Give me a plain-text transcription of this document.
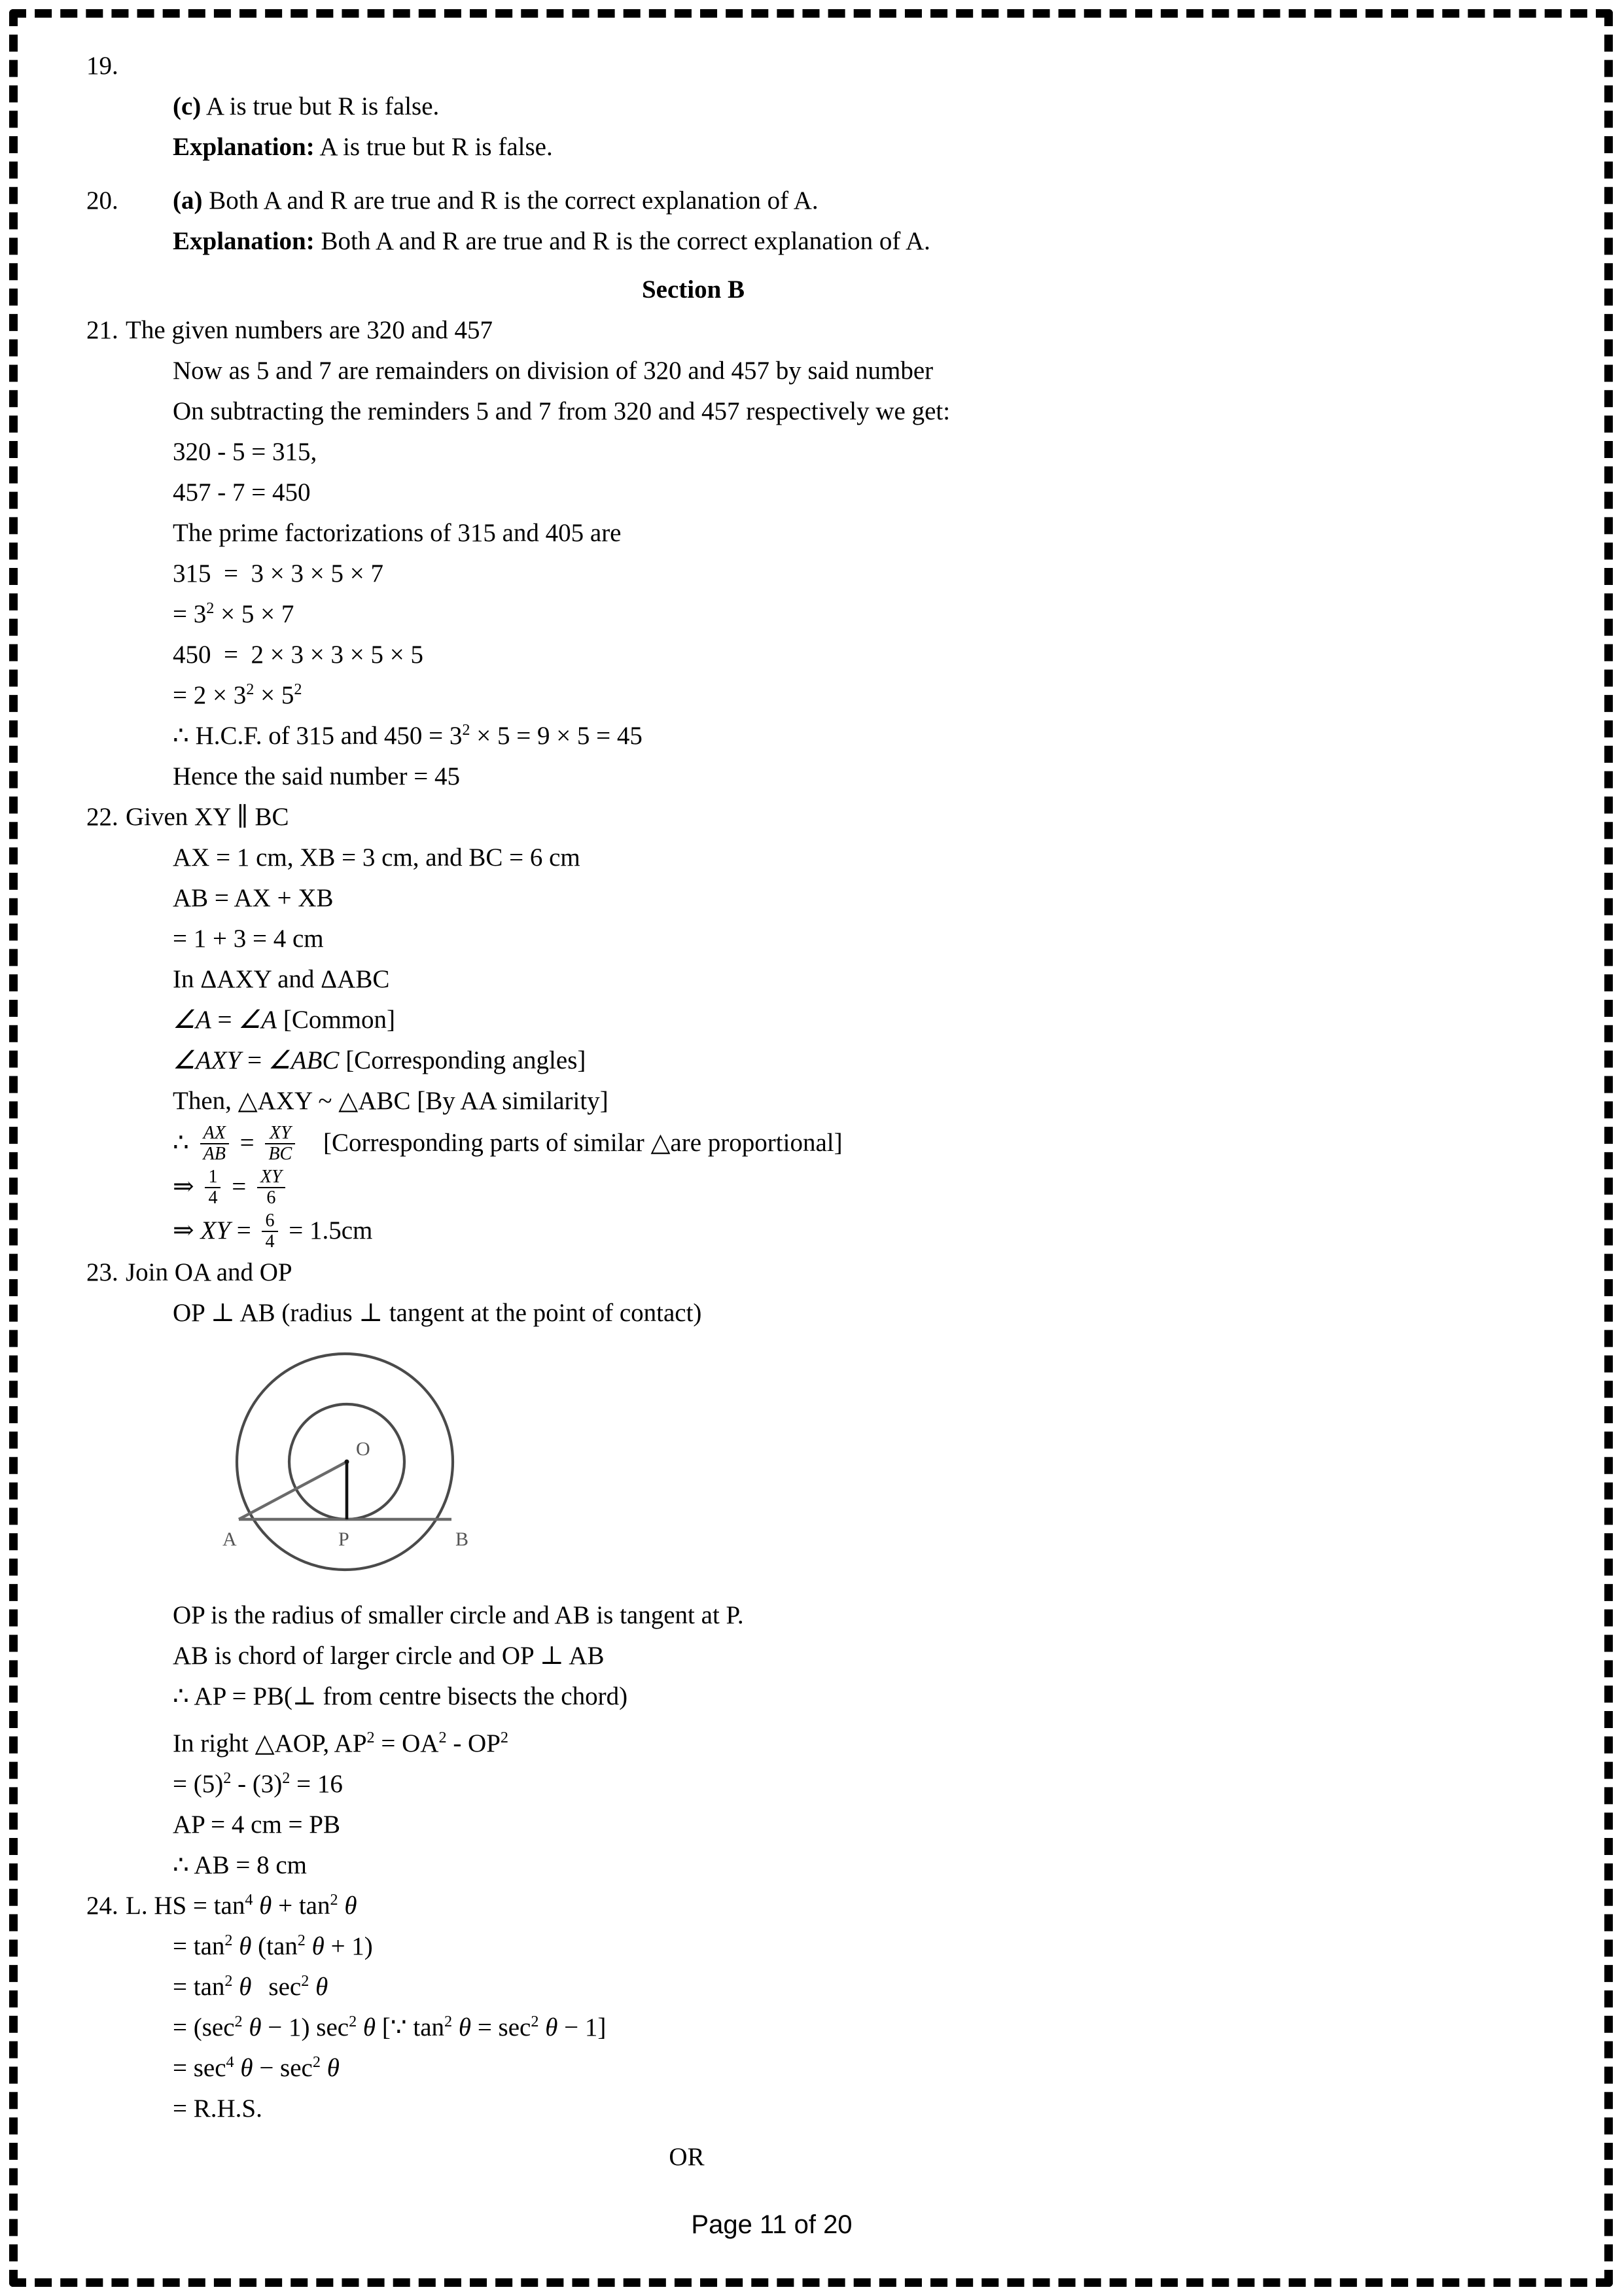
19.
(c) A is true but R is false.
Explanation: A is true but R is false.
20.	(a) Both A and R are true and R is the correct explanation of A.
Explanation: Both A and R are true and R is the correct explanation of A.
Section B
21. The given numbers are 320 and 457
Now as 5 and 7 are remainders on division of 320 and 457 by said number
On subtracting the reminders 5 and 7 from 320 and 457 respectively we get:
320 - 5 = 315,
457 - 7 = 450
The prime factorizations of 315 and 405 are
315  =  3 × 3 × 5 × 7
= $3^2 \times 5 \times 7$
450  =  2 × 3 × 3 × 5 × 5
= $2 \times 3^2 \times 5^2$
∴ H.C.F. of 315 and $450 = 3^2 \times 5 = 9 \times 5 = 45$
Hence the said number = 45
22. Given XY ∥ BC
AX = 1 cm, XB = 3 cm, and BC = 6 cm
AB = AX + XB
= 1 + 3 = 4 cm
In ΔAXY and ΔABC
∠A = ∠A [Common]
∠AXY = ∠ABC [Corresponding angles]
Then, △AXY ~ △ABC [By AA similarity]
∴ $\frac{AX}{AB} = \frac{XY}{BC}$ [Corresponding parts of similar △are proportional]
⇒ $\frac{1}{4} = \frac{XY}{6}$
⇒ XY = $\frac{6}{4} = 1.5cm$
23. Join OA and OP
OP ⊥ AB (radius ⊥ tangent at the point of contact)
O
A	P	B
OP is the radius of smaller circle and AB is tangent at P.
AB is chord of larger circle and OP ⊥ AB
∴ AP = PB(⊥ from centre bisects the chord)
In right △AOP, $AP^2 = OA^2 - OP^2$
= $(5)^2 - (3)^2 = 16$
AP = 4 cm = PB
∴ AB = 8 cm
24. L. HS = $\tan^4 \theta + \tan^2 \theta$
= $\tan^2 \theta$ ($\tan^2$ θ + 1)
= $\tan^2 \theta$ $\sec^2 \theta$
= ($\sec^2$ θ − 1) $\sec^2 \theta$ [∵ $\tan^2 \theta = \sec^2 \theta - 1$]
= $\sec^4 \theta - \sec^2 \theta$
= R.H.S.
OR
Page 11 of 20
